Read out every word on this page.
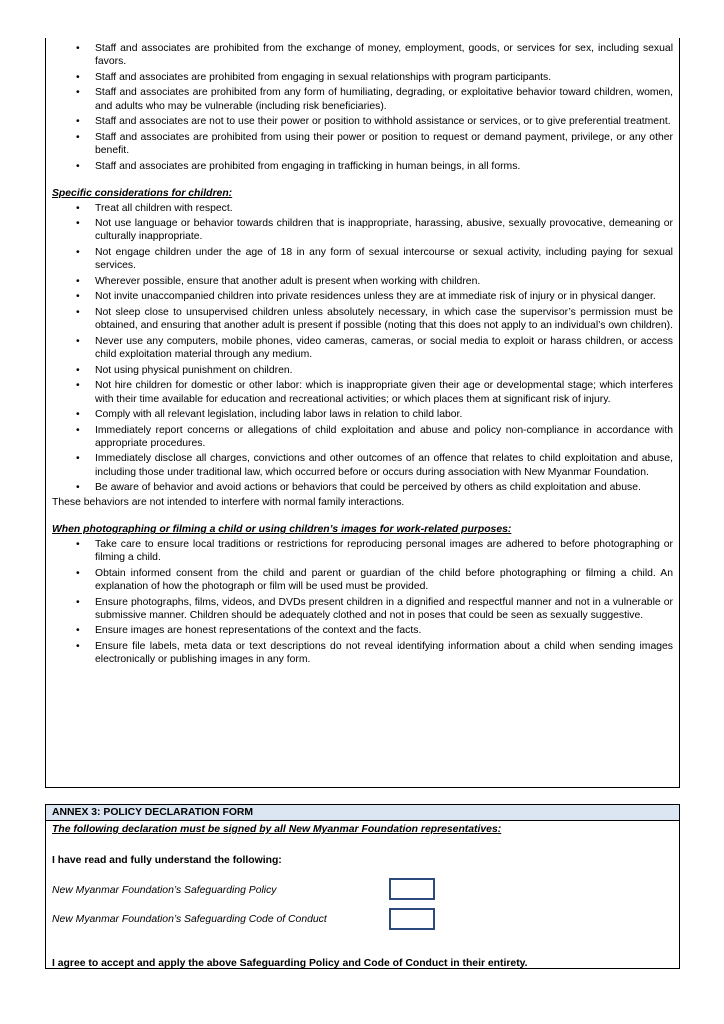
• Staff and associates are prohibited from the exchange of money, employment, goods, or services for sex, including sexual favors.
• Staff and associates are prohibited from engaging in sexual relationships with program participants.
• Staff and associates are prohibited from any form of humiliating, degrading, or exploitative behavior toward children, women, and adults who may be vulnerable (including risk beneficiaries).
• Staff and associates are not to use their power or position to withhold assistance or services, or to give preferential treatment.
• Staff and associates are prohibited from using their power or position to request or demand payment, privilege, or any other benefit.
• Staff and associates are prohibited from engaging in trafficking in human beings, in all forms.
Specific considerations for children:
• Treat all children with respect.
• Not use language or behavior towards children that is inappropriate, harassing, abusive, sexually provocative, demeaning or culturally inappropriate.
• Not engage children under the age of 18 in any form of sexual intercourse or sexual activity, including paying for sexual services.
• Wherever possible, ensure that another adult is present when working with children.
• Not invite unaccompanied children into private residences unless they are at immediate risk of injury or in physical danger.
• Not sleep close to unsupervised children unless absolutely necessary, in which case the supervisor’s permission must be obtained, and ensuring that another adult is present if possible (noting that this does not apply to an individual’s own children).
• Never use any computers, mobile phones, video cameras, cameras, or social media to exploit or harass children, or access child exploitation material through any medium.
• Not using physical punishment on children.
• Not hire children for domestic or other labor: which is inappropriate given their age or developmental stage; which interferes with their time available for education and recreational activities; or which places them at significant risk of injury.
• Comply with all relevant legislation, including labor laws in relation to child labor.
• Immediately report concerns or allegations of child exploitation and abuse and policy non-compliance in accordance with appropriate procedures.
• Immediately disclose all charges, convictions and other outcomes of an offence that relates to child exploitation and abuse, including those under traditional law, which occurred before or occurs during association with New Myanmar Foundation.
• Be aware of behavior and avoid actions or behaviors that could be perceived by others as child exploitation and abuse.
These behaviors are not intended to interfere with normal family interactions.
When photographing or filming a child or using children’s images for work-related purposes:
• Take care to ensure local traditions or restrictions for reproducing personal images are adhered to before photographing or filming a child.
• Obtain informed consent from the child and parent or guardian of the child before photographing or filming a child. An explanation of how the photograph or film will be used must be provided.
• Ensure photographs, films, videos, and DVDs present children in a dignified and respectful manner and not in a vulnerable or submissive manner. Children should be adequately clothed and not in poses that could be seen as sexually suggestive.
• Ensure images are honest representations of the context and the facts.
• Ensure file labels, meta data or text descriptions do not reveal identifying information about a child when sending images electronically or publishing images in any form.
ANNEX 3: POLICY DECLARATION FORM
The following declaration must be signed by all New Myanmar Foundation representatives:
I have read and fully understand the following:
New Myanmar Foundation’s Safeguarding Policy
New Myanmar Foundation’s Safeguarding Code of Conduct
I agree to accept and apply the above Safeguarding Policy and Code of Conduct in their entirety.
